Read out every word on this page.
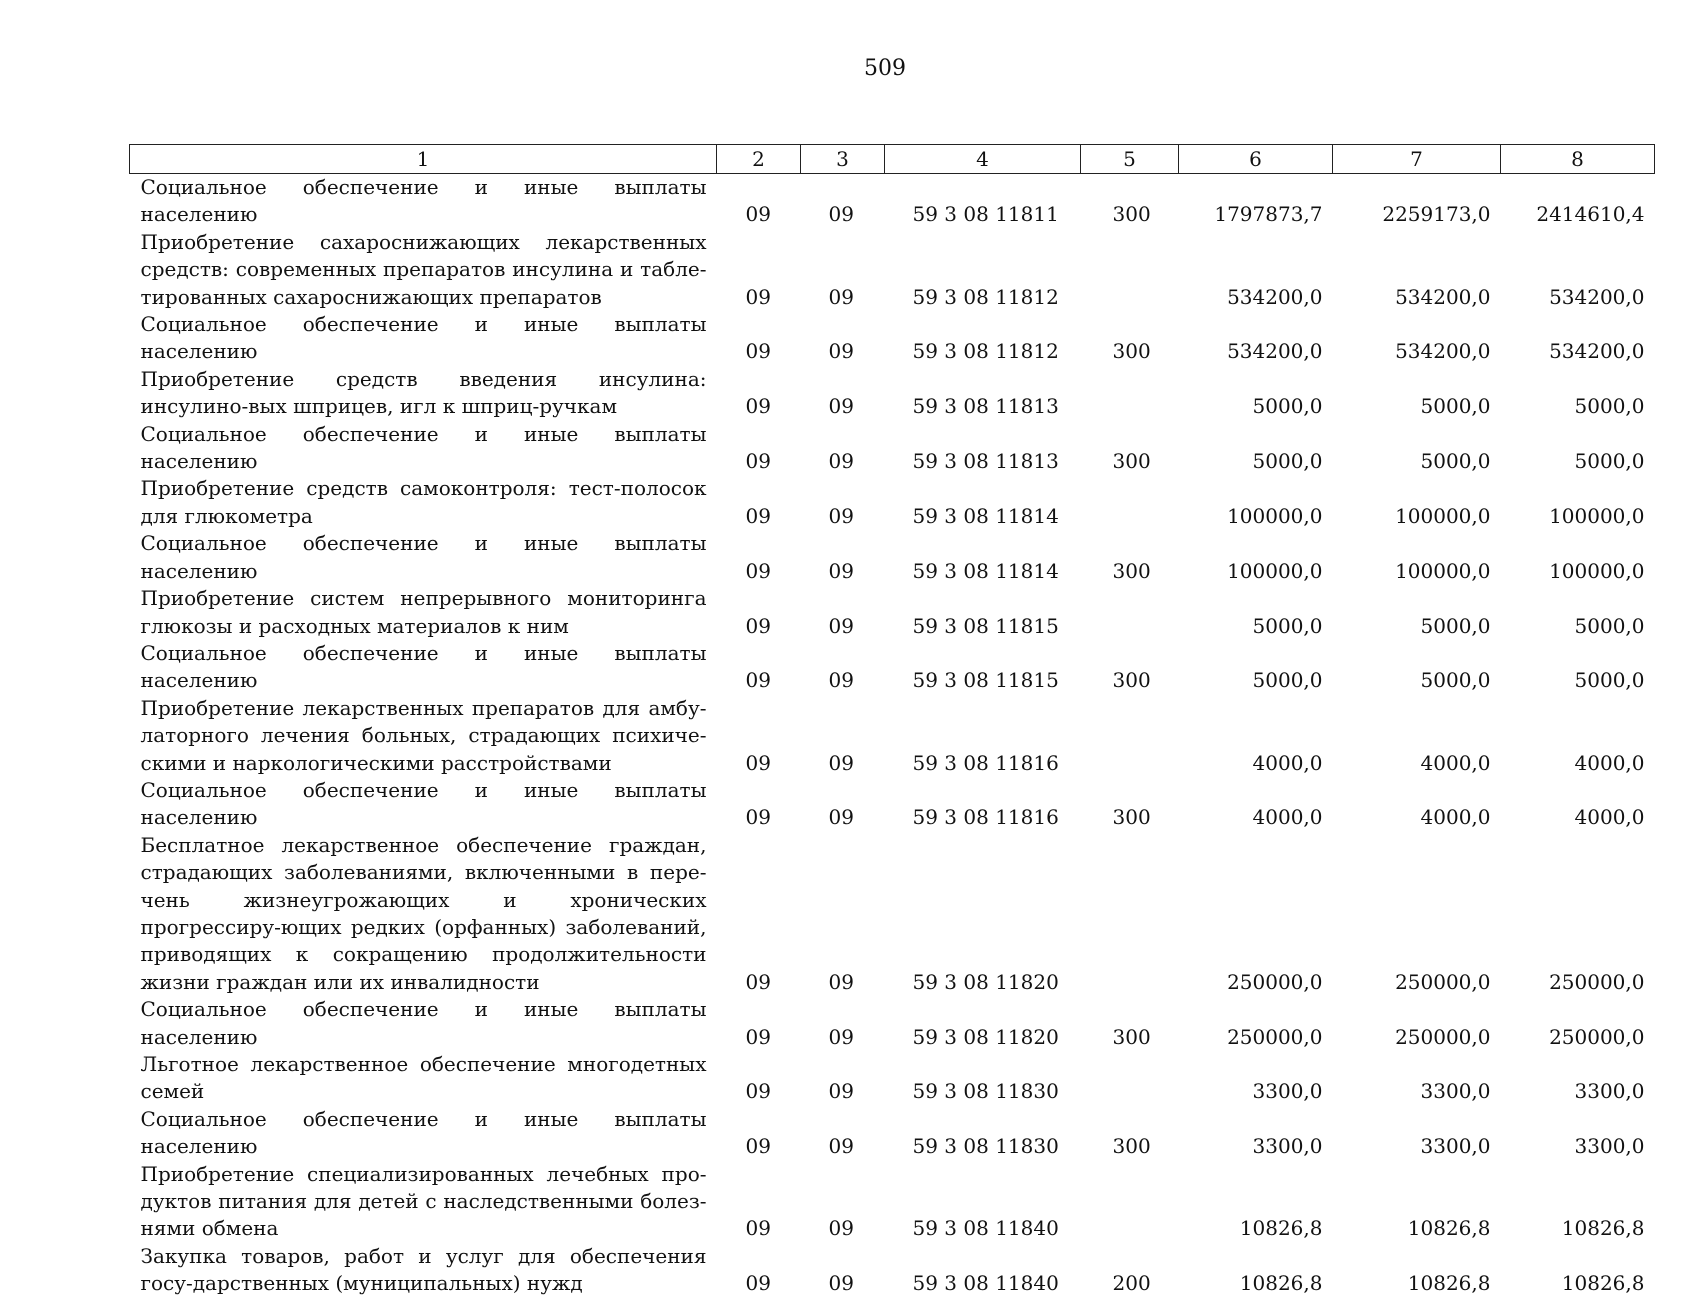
509
1	2	3	4	5	6	7	8
Социальное обеспечение и иные выплаты населению	09	09	59 3 08 11811	300	1797873,7	2259173,0	2414610,4
Приобретение сахароснижающих лекарственных средств: современных препаратов инсулина и табле-тированных сахароснижающих препаратов	09	09	59 3 08 11812		534200,0	534200,0	534200,0
Социальное обеспечение и иные выплаты населению	09	09	59 3 08 11812	300	534200,0	534200,0	534200,0
Приобретение средств введения инсулина: инсулино-вых шприцев, игл к шприц-ручкам	09	09	59 3 08 11813		5000,0	5000,0	5000,0
Социальное обеспечение и иные выплаты населению	09	09	59 3 08 11813	300	5000,0	5000,0	5000,0
Приобретение средств самоконтроля: тест-полосок для глюкометра	09	09	59 3 08 11814		100000,0	100000,0	100000,0
Социальное обеспечение и иные выплаты населению	09	09	59 3 08 11814	300	100000,0	100000,0	100000,0
Приобретение систем непрерывного мониторинга глюкозы и расходных материалов к ним	09	09	59 3 08 11815		5000,0	5000,0	5000,0
Социальное обеспечение и иные выплаты населению	09	09	59 3 08 11815	300	5000,0	5000,0	5000,0
Приобретение лекарственных препаратов для амбу-латорного лечения больных, страдающих психиче-скими и наркологическими расстройствами	09	09	59 3 08 11816		4000,0	4000,0	4000,0
Социальное обеспечение и иные выплаты населению	09	09	59 3 08 11816	300	4000,0	4000,0	4000,0
Бесплатное лекарственное обеспечение граждан, страдающих заболеваниями, включенными в пере-чень жизнеугрожающих и хронических прогрессиру-ющих редких (орфанных) заболеваний, приводящих к сокращению продолжительности жизни граждан или их инвалидности	09	09	59 3 08 11820		250000,0	250000,0	250000,0
Социальное обеспечение и иные выплаты населению	09	09	59 3 08 11820	300	250000,0	250000,0	250000,0
Льготное лекарственное обеспечение многодетных семей	09	09	59 3 08 11830		3300,0	3300,0	3300,0
Социальное обеспечение и иные выплаты населению	09	09	59 3 08 11830	300	3300,0	3300,0	3300,0
Приобретение специализированных лечебных про-дуктов питания для детей с наследственными болез-нями обмена	09	09	59 3 08 11840		10826,8	10826,8	10826,8
Закупка товаров, работ и услуг для обеспечения госу-дарственных (муниципальных) нужд	09	09	59 3 08 11840	200	10826,8	10826,8	10826,8
